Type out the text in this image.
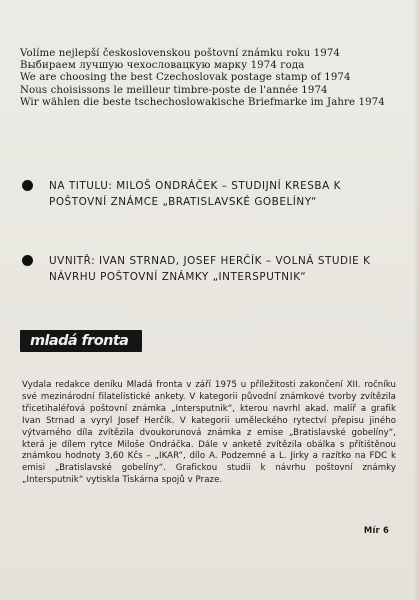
Volíme nejlepší československou poštovní známku roku 1974
Выбираем лучшую чехословацкую марку 1974 года
We are choosing the best Czechoslovak postage stamp of 1974
Nous choisissons le meilleur timbre-poste de l'année 1974
Wir wählen die beste tschechoslowakische Briefmarke im Jahre 1974
NA TITULU: MILOŠ ONDRÁČEK – STUDIJNÍ KRESBA K POŠTOVNÍ ZNÁMCE „BRATISLAVSKÉ GOBELÍNY“
UVNITŘ: IVAN STRNAD, JOSEF HERČÍK – VOLNÁ STUDIE K NÁVRHU POŠTOVNÍ ZNÁMKY „INTERSPUTNIK“
mladá fronta
Vydala redakce deníku Mladá fronta v září 1975 u příležitosti zakončení XII. ročníku své mezinárodní filatelistické ankety. V kategorii původní známkové tvorby zvítězila třicetihaléřová poštovní známka „Intersputnik“, kterou navrhl akad. malíř a grafik Ivan Strnad a vyryl Josef Herčík. V kategorii uměleckého rytectví přepisu jiného výtvarného díla zvítězila dvoukorunová známka z emise „Bratislavské gobelíny“, která je dílem rytce Miloše Ondráčka. Dále v anketě zvítězila obálka s přítištěnou známkou hodnoty 3,60 Kčs – „IKAR“, dílo A. Podzemné a L. Jirky a razítko na FDC k emisi „Bratislavské gobelíny“. Grafickou studii k návrhu poštovní známky „Intersputnik“ vytiskla Tiskárna spojů v Praze.
Mír 6
